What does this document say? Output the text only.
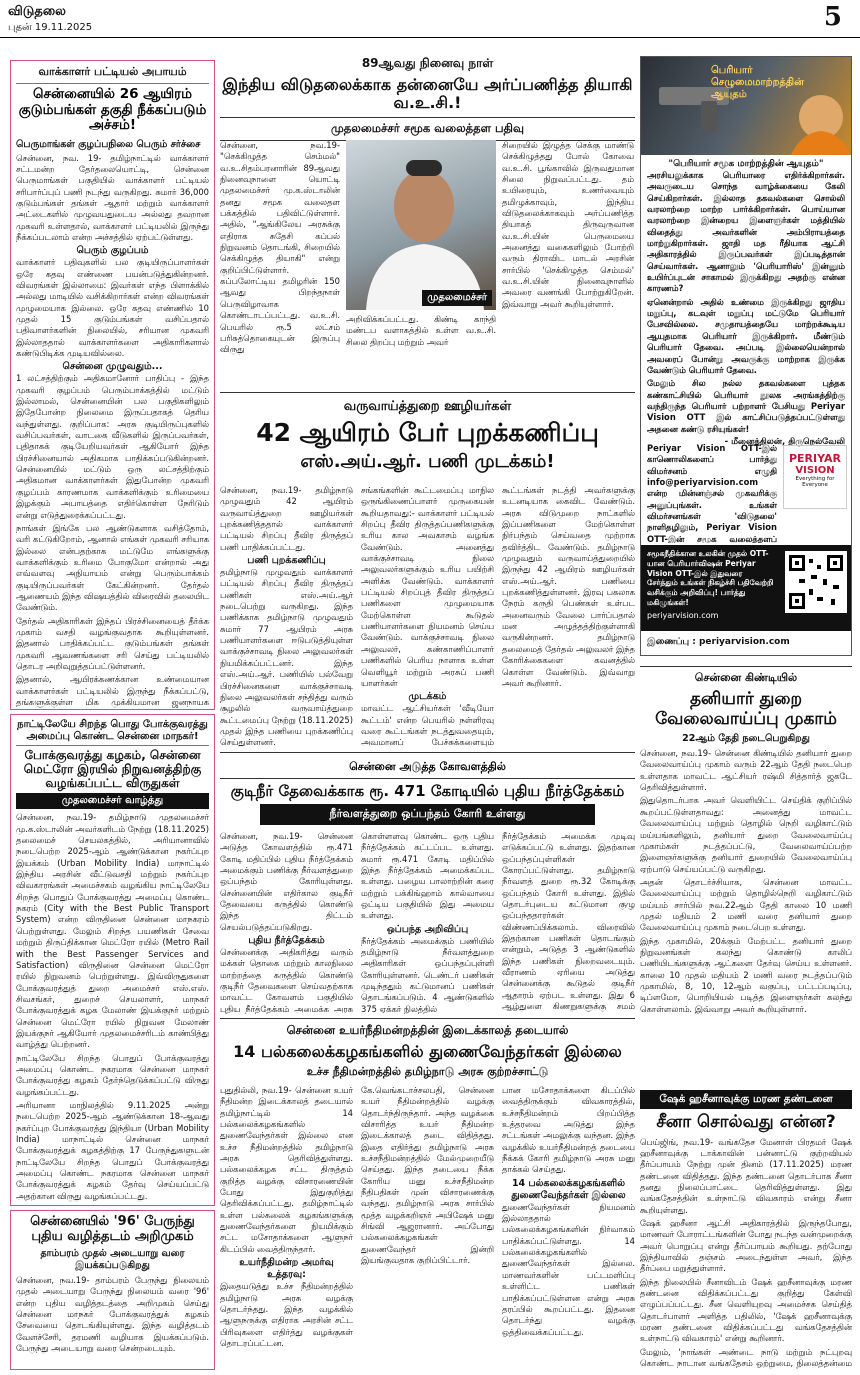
விடுதலை
புதன் 19.11.2025	5
வாக்காளர் பட்டியல் அபாயம்
சென்னையில் 26 ஆயிரம் குடும்பங்கள் தகுதி நீக்கப்படும் அச்சம்!
பெருமாங்கள் குழப்பநிலை பெரும் சர்ச்சை

சென்னை, நவ. 19- தமிழ்நாட்டில் வாக்காளர் சட்டமன்ற தேர்தலையொட்டி, சென்னை பெருமாங்கள் பகுதியில் வாக்காளர் பட்டியல் சரிபார்ப்புப் பணி நடந்து வருகிறது. சுமார் 36,000 குடும்பங்கள் தங்கள் ஆதார் மற்றும் வாக்காளர் அட்டைகளில் முழுவயதுடைய அல்லது தவறான முகவரி உள்ளதால், வாக்காளர் பட்டியலில் இருந்து நீக்கப்படலாம் என்ற அச்சத்தில் ஏற்பட்டுள்ளது.

பெரும் குழப்பம்

வாக்காளர் பதிவுகளில் பல குடியிருப்பாளர்கள் ஒரே கதவு எண்ணை பயன்படுத்துகின்றனர். விவரங்கள் இல்லாமை: இவர்கள் எந்த பிளாக்கில் அல்லது மாடியில் வசிக்கிறார்கள் என்ற விவரங்கள் முழுமையாக இல்லை. ஒரே கதவு எண்ணில் 10 முதல் 15 குடும்பங்கள் வசிப்பதால் பதிவாளர்களின் நிலையில், சரியான முகவரி இல்லாததால் வாக்காளர்களை அதிகாரிகளால் கண்டுபிடிக்க முடியவில்லை.

சென்னை முழுவதும்...

1 லட்சத்திற்கும் அதிகமானோர் பாதிப்பு - இந்த முகவரி குழப்பம் பெரும்பாக்கத்தில் மட்டும் இல்லாமல், சென்னையின் பல பகுதிகளிலும் இதேபோன்ற நிலைமை இருப்பதாகத் தெரிய வந்துள்ளது. குறிப்பாக: அரசு குடியிருப்புகளில் வசிப்பவர்கள், வாடகை வீடுகளில் இருப்பவர்கள், புதிதாகக் குடியேறியவர்கள் ஆகியோர் இந்த பிரச்சினையால் அதிகமாக பாதிக்கப்படுகின்றனர். சென்னையில் மட்டும் ஒரு லட்சத்திற்கும் அதிகமான வாக்காளர்கள் இதுபோன்ற முகவரி குழப்பம் காரணமாக வாக்களிக்கும் உரிமையை இழக்கும் அபாயத்தை எதிர்கொள்ள நேரிடும் என்று எடுத்துரைக்கப்பட்டது.

நாங்கள் இங்கே பல ஆண்டுகளாக வசித்தோம், வரி கட்டுகிறோம், ஆனால் எங்கள் முகவரி சரியாக இல்லை என்பதற்காக மட்டுமே எங்களுக்கு வாக்களிக்கும் உரிமை போகுமோ என்றால் அது எவ்வளவு அநியாயம் என்று பெரும்பாக்கம் குடியிருப்பவர்கள் கேட்கின்றனர். தேர்தல் ஆணையம் இந்த விஷயத்தில் விரைவில் தலையிட வேண்டும்.

தேர்தல் அதிகாரிகள் இந்தப் பிரச்சினையைத் தீர்க்க முகாம் வசதி வழங்குவதாக கூறியுள்ளனர். இதனால் பாதிக்கப்பட்ட குடும்பங்கள் தங்கள் முகவரி ஆவணங்களை சரி செய்து பட்டியலில் தொடர அறிவுறுத்தப்பட்டுள்ளனர்.

இதனால், ஆயிரக்கணக்கான உண்மையான வாக்காளர்கள் பட்டியலில் இருந்து நீக்கப்பட்டு, தங்களுக்குள்ள மிக முக்கியமான ஜனநாயக

நாட்டிலேயே சிறந்த பொது போக்குவரத்து
அமைப்பு கொண்ட சென்னை மாநகர்!
போக்குவரத்து கழகம், சென்னை மெட்ரோ இரயில் நிறுவனத்திற்கு வழங்கப்பட்ட விருதுகள்
முதலமைச்சர் வாழ்த்து

சென்னை, நவ.19- தமிழ்நாடு முதலமைச்சர் மு.க.ஸ்டாலின் அவர்களிடம் நேற்று (18.11.2025) தலைமைச் செயலகத்தில், அரியானாவில் நடைபெற்ற 2025-ஆம் ஆண்டுக்கான நகர்ப்புற இயக்கம் (Urban Mobility India) மாநாட்டில் இந்திய அரசின் வீட்டுவசதி மற்றும் நகர்ப்புற விவகாரங்கள் அமைச்சகம் வழங்கிய நாட்டிலேயே சிறந்த பொதுப் போக்குவரத்து அமைப்பு கொண்ட நகரம் (City with the Best Public Transport System) என்ற விருதினை சென்னை மாநகரம் பெற்றுள்ளது. மேலும் சிறந்த பயணிகள் சேவை மற்றும் திருப்திக்கான மெட்ரோ ரயில் (Metro Rail with the Best Passenger Services and Satisfaction) விருதினை சென்னை மெட்ரோ ரயில் நிறுவனம் பெற்றுள்ளது. இவ்விருதுகளை போக்குவரத்துத் துறை அமைச்சர் எஸ்.எஸ். சிவசங்கர், துறைச் செயலாளர், மாநகர் போக்குவரத்துக் கழக மேலாண் இயக்குநர் மற்றும் சென்னை மெட்ரோ ரயில் நிறுவன மேலாண் இயக்குநர் ஆகியோர் முதலமைச்சரிடம் காண்பித்து வாழ்த்து பெற்றனர்.

நாட்டிலேயே சிறந்த பொதுப் போக்குவரத்து அமைப்பு கொண்ட நகரமாக சென்னை மாநகர் போக்குவரத்து கழகம் தேர்ந்தெடுக்கப்பட்டு விருது வழங்கப்பட்டது.

அரியானா மாநிலத்தில் 9.11.2025 அன்று நடைபெற்ற 2025-ஆம் ஆண்டுக்கான 18-ஆவது நகர்ப்புற போக்குவரத்து இந்தியா (Urban Mobility India) மாநாட்டில் சென்னை மாநகர் போக்குவரத்துக் கழகத்திற்கு 17 பேருந்துகளுடன் நாட்டிலேயே சிறந்த பொதுப் போக்குவரத்து அமைப்பு கொண்ட நகரமாக சென்னை மாநகர் போக்குவரத்துக் கழகம் தேர்வு செய்யப்பட்டு அதற்கான விருது வழங்கப்பட்டது.

சென்னையில் '96' பேருந்து புதிய வழித்தடம் அறிமுகம்
தாம்பரம் முதல் அடையாறு வரை இயக்கப்படுகிறது

சென்னை, நவ.19- தாம்பரம் பேருந்து நிலையம் முதல் அடையாறு பேருந்து நிலையம் வரை '96' என்ற புதிய வழித்தடத்தை அறிமுகம் செய்து சென்னை மாநகர் போக்குவரத்துக் கழகம் சேவையை தொடங்கியுள்ளது. இந்த வழித்தடம் வேளச்சேரி, தரமணி வழியாக இயக்கப்படும். பேருந்து அடையாறு வரை சென்றடையும்.

89ஆவது நினைவு நாள்
இந்திய விடுதலைக்காக தன்னையே அர்ப்பணித்த தியாகி வ.உ.சி.!
முதலமைச்சர் சமூக வலைத்தள பதிவு

சென்னை, நவ.19- "செக்கிழுத்த செம்மல்" வ.உ.சிதம்பரனாரின் 89ஆவது நினைவுநாளை யொட்டி முதலமைச்சர் மு.க.ஸ்டாலின் தனது சமூக வலைதள பக்கத்தில் பதிவிட்டுள்ளார். அதில், "ஆங்கிலேய அரசுக்கு எதிராக சுதேசி கப்பல் நிறுவனம் தொடங்கி, சிறையில் செக்கிழுத்த தியாகி" என்று குறிப்பிட்டுள்ளார். கப்பலோட்டிய தமிழரின் 150 ஆவது பிறந்தநாள் பெருவிழாவாக கொண்டாடப்பட்டது. வ.உ.சி. பெயரில் ரூ.5 லட்சம் பரிசுத்தொகையுடன் இருப்பு விருது

முதலமைச்சர்

அறிவிக்கப்பட்டது. கிண்டி காந்தி மண்டப வளாகத்தில் உள்ள வ.உ.சி. சிலை திறப்பு மற்றும் அவர்

சிறையில் இழுத்த செக்கு மாண்டு செக்கிழுத்தது போல் கோவை வ.உ.சி. பூங்காவில் இருவதுமான சிலை நிறுவப்பட்டது. தம் உயிரையும், உணர்வையும் தமிழுக்காவும், இந்திய விடுதலைக்காகவும் அர்ப்பணித்த தியாகத் திருவுருவான வ.உ.சி.யின் பெருமையை அனைத்து வகைகளிலும் போற்றி வரும் திராவிட மாடல் அரசின் சார்பில் 'செக்கிழுத்த செம்மல்' வ.உ.சி.யின் நினைவுநாளில் அவரை வணங்கி போற்றுகிறேன். இவ்வாறு அவர் கூறியுள்ளார்.

பெரியார் செழுமைமாற்றத்தின் ஆயுதம்
"பெரியார் சமூக மாற்றத்தின் ஆயுதம்"

அரசியலுக்காக பெரியாரை எதிர்க்கிறார்கள். அவருடைய சொந்த வாழ்க்கையை கேலி செய்கிறார்கள். இல்லாத தகவல்களை சொல்லி வரலாற்றை மாற்ற பார்க்கிறார்கள். பொய்யான வரலாற்றை இன்றைய இளைஞர்கள் மத்தியில் விதைத்து அவர்களின் அம்பிராயத்தை மாற்றுகிறார்கள். ஜாதி மத ரீதியாக ஆட்சி அதிகாரத்தில் இருப்பவர்கள் இப்படித்தான் செய்வார்கள். ஆனாலும் 'பெரியாரிஸ்' இன்னும் உயிர்ப்புடன் சாகாமல் இருக்கிறது அதற்கு என்ன காரணம்?

ஏனென்றால் அதில் உண்மை இருக்கிறது ஜாதிய மறுப்பு, கடவுள் மறுப்பு மட்டுமே பெரியார் பேசவில்லை. சமுதாயத்தையே மாற்றக்கூடிய ஆயுதமாக பெரியார் இருக்கிறார். மீண்டும் பெரியார் தேவை. அப்படி இல்லையென்றால் அவரைப் போன்று அவருக்கு மாற்றாக இருக்க வேண்டும் பெரியார் தேவை.

மேலும் சில நல்ல தகவல்களை புத்தக கண்காட்சியில் பெரியார் நூலக அரங்கத்திற்கு வந்திருந்த பெரியார் பற்றாளர் பேசியது Periyar Vision OTT இல் காட்சிப்படுத்தப்பட்டுள்ளது அதனை கண்டு ரசியுங்கள்!

- மீனைத்திலன், திருநெல்வேலி

Periyar Vision OTT-இல் காணொலிகளைப் பார்த்து விமர்சனம் எழுதி info@periyarvision.com என்ற மின்னஞ்சல் முகவரிக்கு அனுப்புங்கள். உங்கள் விமர்சனங்கள் 'விடுதலை' நாளிதழிலும், Periyar Vision OTT-இன் சமூக வலைத்தளப்

PERIYAR
VISION
Everything for Everyone
சமூகநீதிக்கான உலகின் முதல் OTT-யான பெரியார்விஷன் Periyar Vision OTT-இல் இதுவரை சேர்த்தும் உங்கள் நிகழ்ச்சி பதிவேற்றி வசிக்கும் அறிவிப்பு! பார்த்து மகிழுங்கள்!
periyarvision.com
இணைப்பு : periyarvision.com
வருவாய்த்துறை ஊழியர்கள்
42 ஆயிரம் பேர் புறக்கணிப்பு
எஸ்.அய்.ஆர். பணி முடக்கம்!

சென்னை, நவ.19- தமிழ்நாடு முழுவதும் 42 ஆயிரம் வருவாய்த்துறை ஊழியர்கள் புறக்கணித்ததால் வாக்காளர் பட்டியல் சிறப்பு தீவிர திருத்தப் பணி பாதிக்கப்பட்டது.

பணி புறக்கணிப்பு

தமிழ்நாடு முழுவதும் வாக்காளர் பட்டியல் சிறப்பு தீவிர திருத்தப் பணிகள் எஸ்.அய்.ஆர் நடைபெற்று வருகிறது. இந்த பணிக்காக தமிழ்நாடு முழுவதும் சுமார் 77 ஆயிரம் அரசு பணியாளர்களை ஈடுபடுத்தியுள்ள வாக்குச்சாவடி நிலை அலுவலர்கள் நியமிக்கப்பட்டனர். இந்த எஸ்.அய்.ஆர். பணியில் பல்வேறு பிரச்சினைகளை வாக்குச்சாவடி நிலை அலுவலர்கள் சந்தித்து வரும் சூழலில் வருவாய்த்துறை கூட்டமைப்பு நேற்று (18.11.2025) முதல் இந்த பணியை புறக்கணிப்பு செய்துள்ளனர்.

சங்கங்களின் கூட்டமைப்பு மாநில ஒருங்கிணைப்பாளர் முருகையன் கூறியதாவது:- வாக்காளர் பட்டியல் சிறப்பு தீவிர திருத்தப்பணிகளுக்கு உரிய கால அவகாசம் வழங்க வேண்டும். அனைத்து வாக்குச்சாவடி நிலை அலுவலர்களுக்கும் உரிய பயிற்சி அளிக்க வேண்டும். வாக்காளர் பட்டியல் சிறப்புத் தீவிர திருத்தப் பணிகளை முழுமையாக மேற்கொள்ள கூடுதல் பணியாளர்களை நியமனம் செய்ய வேண்டும். வாக்குச்சாவடி நிலை அலுவலர், கண்காணிப்பாளர் பணிகளில் பெரிய நாளாக உள்ள வெளியூர் மற்றும் அரசுப் பணி யாளர்கள்

முடக்கம்

மாவட்ட ஆட்சியர்கள் 'வீடியோ கூட்டம்' என்ற பெயரில் நள்ளிரவு வரை கூட்டங்கள் நடத்துவதையும், அவமானப் பேச்சுக்களையும்

கூட்டங்கள் நடத்தி அவர்களுக்கு உடனடியாக கைவிட வேண்டும். அரசு விடுமுறை நாட்களில் இப்பணிகளை மேற்கொள்ள நிர்பந்தம் செய்வதை முற்றாக தவிர்த்திட வேண்டும். தமிழ்நாடு முழுவதும் வருவாய்த்துறையில் இருந்து 42 ஆயிரம் ஊழியர்கள் எஸ்.அய்.ஆர். பணியை புறக்கணித்துள்ளனர். இரவு பகலாக நேரம் கருதி பெண்கள் உள்பட அனைவரும் வேலை பார்ப்பதால் மன அழுத்தத்திற்குள்ளாகி வருகின்றனர். தமிழ்நாடு தலைமைத் தேர்தல் அலுவலர் இந்த கோரிக்கைகளை கவனத்தில் கொள்ள வேண்டும். இவ்வாறு அவர் கூறினார்.	சென்னை கிண்டியில்
தனியார் துறை வேலைவாய்ப்பு முகாம்
22ஆம் தேதி நடைபெறுகிறது

சென்னை, நவ.19- சென்னை கிண்டியில் தனியார் துறை வேலைவாய்ப்பு முகாம் வரும் 22ஆம் தேதி நடைபெற உள்ளதாக மாவட்ட ஆட்சியர் ரஷ்மி சித்தார்த் ஜகடே தெரிவித்துள்ளார்.

இதுதொடர்பாக அவர் வெளியிட்ட செய்திக் குறிப்பில் கூறப்பட்டுள்ளதாவது: அனைத்து மாவட்ட வேலைவாய்ப்பு மற்றும் தொழில் நெறி வழிகாட்டும் மய்யங்களிலும், தனியார் துறை வேலைவாய்ப்பு முகாம்கள் நடத்தப்பட்டு, வேலைவாய்ப்பற்ற இளைஞர்களுக்கு தனியார் துறையில் வேலைவாய்ப்பு ஏற்பாடு செய்யப்பட்டு வருகிறது.

அதன் தொடர்ச்சியாக, சென்னை மாவட்ட வேலைவாய்ப்பு மற்றும் தொழில்நெறி வழிகாட்டும் மய்யம் சார்பில் நவ.22ஆம் தேதி காலை 10 மணி முதல் மதியம் 2 மணி வரை தனியார் துறை வேலைவாய்ப்பு முகாம் நடைபெற உள்ளது.

இந்த முகாமில், 20க்கும் மேற்பட்ட தனியார் துறை நிறுவனங்கள் கலந்து கொண்டு காலிப் பணியிடங்களுக்கு ஆட்களை தேர்வு செய்ய உள்ளனர். காலை 10 முதல் மதியம் 2 மணி வரை நடத்தப்படும் முகாமில், 8, 10, 12ஆம் வகுப்பு, பட்டப்படிப்பு, டிப்ளமோ, பொறியியல் படித்த இளைஞர்கள் கலந்து கொள்ளலாம். இவ்வாறு அவர் கூறியுள்ளார்.

சென்னை அடுத்த கோவளத்தில்
குடிநீர் தேவைக்காக ரூ. 471 கோடியில் புதிய நீர்த்தேக்கம்
நீர்வளத்துறை ஒப்பந்தம் கோரி உள்ளது

சென்னை, நவ.19- சென்னை அடுத்த கோவளத்தில் ரூ.471 கோடி மதிப்பில் புதிய நீர்த்தேக்கம் அமைக்கும் பணிக்கு நீர்வளத்துறை ஒப்பந்தம் கோரியுள்ளது. சென்னையின் எதிர்கால குடிநீர் தேவையை கருத்தில் கொண்டு இந்த திட்டம் செயல்படுத்தப்படுகிறது.

புதிய நீர்த்தேக்கம்

சென்னைக்கு அதிகரித்து வரும் மக்கள் தொகை மற்றும் காலநிலை மாற்றத்தை கருத்தில் கொண்டு குடிநீர் தேவைகளை செய்வதற்காக மாவட்ட கோவளம் பகுதியில் புதிய நீர்த்தேக்கம் அமைக்க அரசு

கொள்ளளவு கொண்ட ஒரு புதிய நீர்த்தேக்கம் கட்டப்பட உள்ளது. சுமார் ரூ.471 கோடி மதிப்பில் இந்த நீர்த்தேக்கம் அமைக்கப்பட உள்ளது. பழைய பாலாற்றின் கரை மற்றும் பக்கிங்ஹாம் கால்வாயை ஒட்டிய பகுதியில் இது அமைய உள்ளது.

ஒப்பந்த அறிவிப்பு

நீர்த்தேக்கம் அமைக்கும் பணியில் தமிழ்நாடு நீர்வளத்துறை அதிகாரிகள் ஒப்பந்தப்புள்ளி கோரியுள்ளனர். டெண்டர் பணிகள் முடிந்ததும் கட்டுமானப் பணிகள் தொடங்கப்படும். 4 ஆண்டுகளில் 375 ஏக்கர் நிலத்தில்

நீர்த்தேக்கம் அமைக்க முடிவு எடுக்கப்பட்டு உள்ளது. இதற்கான ஒப்பந்தப்புள்ளிகள் கோரப்பட்டுள்ளது. தமிழ்நாடு நீர்வளத் துறை ரூ.32 கோடிக்கு ஒப்பந்தம் கோரி உள்ளது. இதில் தொடர்புடைய கட்டுமான குழு ஒப்பந்ததாரர்கள் விண்ணப்பிக்கலாம். விரைவில் இதற்கான பணிகள் தொடங்கும் என்றும், அடுத்த 3 ஆண்டுகளில் இந்த பணிகள் நிறைவடையும். வீராணம் ஏரியை அடுத்து சென்னைக்கு கூடுதல் குடிநீர் ஆதாரம் ஏற்பட உள்ளது. இது 6 ஆழ்துளை கிணறுகளுக்கு சமம்

சென்னை உயர்நீதிமன்றத்தின் இடைக்காலத் தடையால்
14 பல்கலைக்கழகங்களில் துணைவேந்தர்கள் இல்லை
உச்ச நீதிமன்றத்தில் தமிழ்நாடு அரசு குற்றச்சாட்டு

புதுதில்லி, நவ.19- சென்னை உயர் நீதிமன்ற இடைக்காலத் தடையால் தமிழ்நாட்டில் 14 பல்கலைக்கழகங்களில் துணைவேந்தர்கள் இல்லை என உச்ச நீதிமன்றத்தில் தமிழ்நாடு அரசு தெரிவித்துள்ளது. பல்கலைக்கழக சட்ட திருத்தம் குறித்த வழக்கு விசாரணையின் போது இதுகுறித்து தெரிவிக்கப்பட்டது. தமிழ்நாட்டில் உள்ள பல்கலைக் கழகங்களுக்கு துணைவேந்தர்களை நியமிக்கும் சட்ட மசோதாக்களை ஆளுநர் கிடப்பில் வைத்திருந்தார்.

உயர்நீதிமன்ற அமர்வு உத்தரவு:

இதையடுத்து உச்ச நீதிமன்றத்தில் தமிழ்நாடு அரசு வழக்கு தொடர்ந்தது. இந்த வழக்கில் ஆளுநருக்கு எதிராக அரசின் சட்ட பிரிவுகளை எதிர்த்து வழக்குகள் தொடரப்பட்டன.

கே.வெங்கடாச்சலபதி, சென்னை உயர் நீதிமன்றத்தில் வழக்கு தொடர்ந்திருந்தார். அந்த வழக்கை விசாரித்த உயர் நீதிமன்ற இடைக்காலத் தடை விதித்தது. இதை எதிர்த்து தமிழ்நாடு அரசு உச்சநீதிமன்றத்தில் மேல்முறையீடு செய்தது. இந்த தடையை நீக்க கோரிய மனு உச்சநீதிமன்ற நீதிபதிகள் முன் விசாரணைக்கு வந்தது. தமிழ்நாடு அரசு சார்பில் மூத்த வழக்கறிஞர் அபிஷேக் மனு சிங்வி ஆஜரானார். அப்போது பல்கலைக்கழகங்கள் துணைவேந்தர் இன்றி இயங்குவதாக குறிப்பிட்டார்.

பான மசோதாக்களை கிடப்பில் வைத்திருக்கும் விவகாரத்தில், உச்சநீதிமன்றம் பிறப்பித்த உத்தரவை அடுத்து இந்த சட்டங்கள் அமலுக்கு வந்தன. இந்த வழக்கில் உயர்நீதிமன்றத் தடையை நீக்கக் கோரி தமிழ்நாடு அரசு மனு தாக்கல் செய்தது.

14 பல்கலைக்கழகங்களில் துணைவேந்தர்கள் இல்லை

துணைவேந்தர்கள் நியமனம் இல்லாததால் பல்கலைக்கழகங்களின் நிர்வாகம் பாதிக்கப்பட்டுள்ளது. 14 பல்கலைக்கழகங்களில் துணைவேந்தர்கள் இல்லை. மாணவர்களின் பட்டமளிப்பு உள்ளிட்ட பணிகள் பாதிக்கப்பட்டுள்ளன என்று அரசு தரப்பில் கூறப்பட்டது. இதனை தொடர்ந்து வழக்கு ஒத்திவைக்கப்பட்டது.

ஷேக் ஹசீனாவுக்கு மரண தண்டனை
சீனா சொல்வது என்ன?

பெய்ஜிங், நவ.19- வங்கதேச மேனாள் பிரதமர் ஷேக் ஹசீனாவுக்கு டாக்காவின் பன்னாட்டு குற்றவியல் தீர்ப்பாயம் நேற்று முன் தினம் (17.11.2025) மரண தண்டனை விதித்தது. இந்த தண்டனை தொடர்பாக சீனா தனது நிலைப்பாட்டை தெரிவித்துள்ளது. இது வங்கதேசத்தின் உள்நாட்டு விவகாரம் என்று சீனா கூறியுள்ளது.

ஷேக் ஹசீனா ஆட்சி அதிகாரத்தில் இருந்தபோது, மாணவர் போராட்டங்களின் போது நடந்த வன்முறைக்கு அவர் பொறுப்பு என்று தீர்ப்பாயம் கூறியது. தற்போது இந்தியாவில் தஞ்சம் அடைந்துள்ள அவர், இந்த தீர்ப்பை மறுத்துள்ளார்.

இந்த நிலையில் சீனாவிடம் ஷேக் ஹசீனாவுக்கு மரண தண்டனை விதிக்கப்பட்டது குறித்து கேள்வி எழுப்பப்பட்டது. சீன வெளியுறவு அமைச்சக செய்தித் தொடர்பாளர் அளித்த பதிலில், 'ஷேக் ஹசீனாவுக்கு மரண தண்டனை விதிக்கப்பட்டது வங்கதேசத்தின் உள்நாட்டு விவகாரம்' என்று கூறினார்.

மேலும், 'நாங்கள் அண்டை நாடு மற்றும் நட்புறவு கொண்ட நாடான வங்கதேசம் ஒற்றுமை, நிலைத்தன்மை
